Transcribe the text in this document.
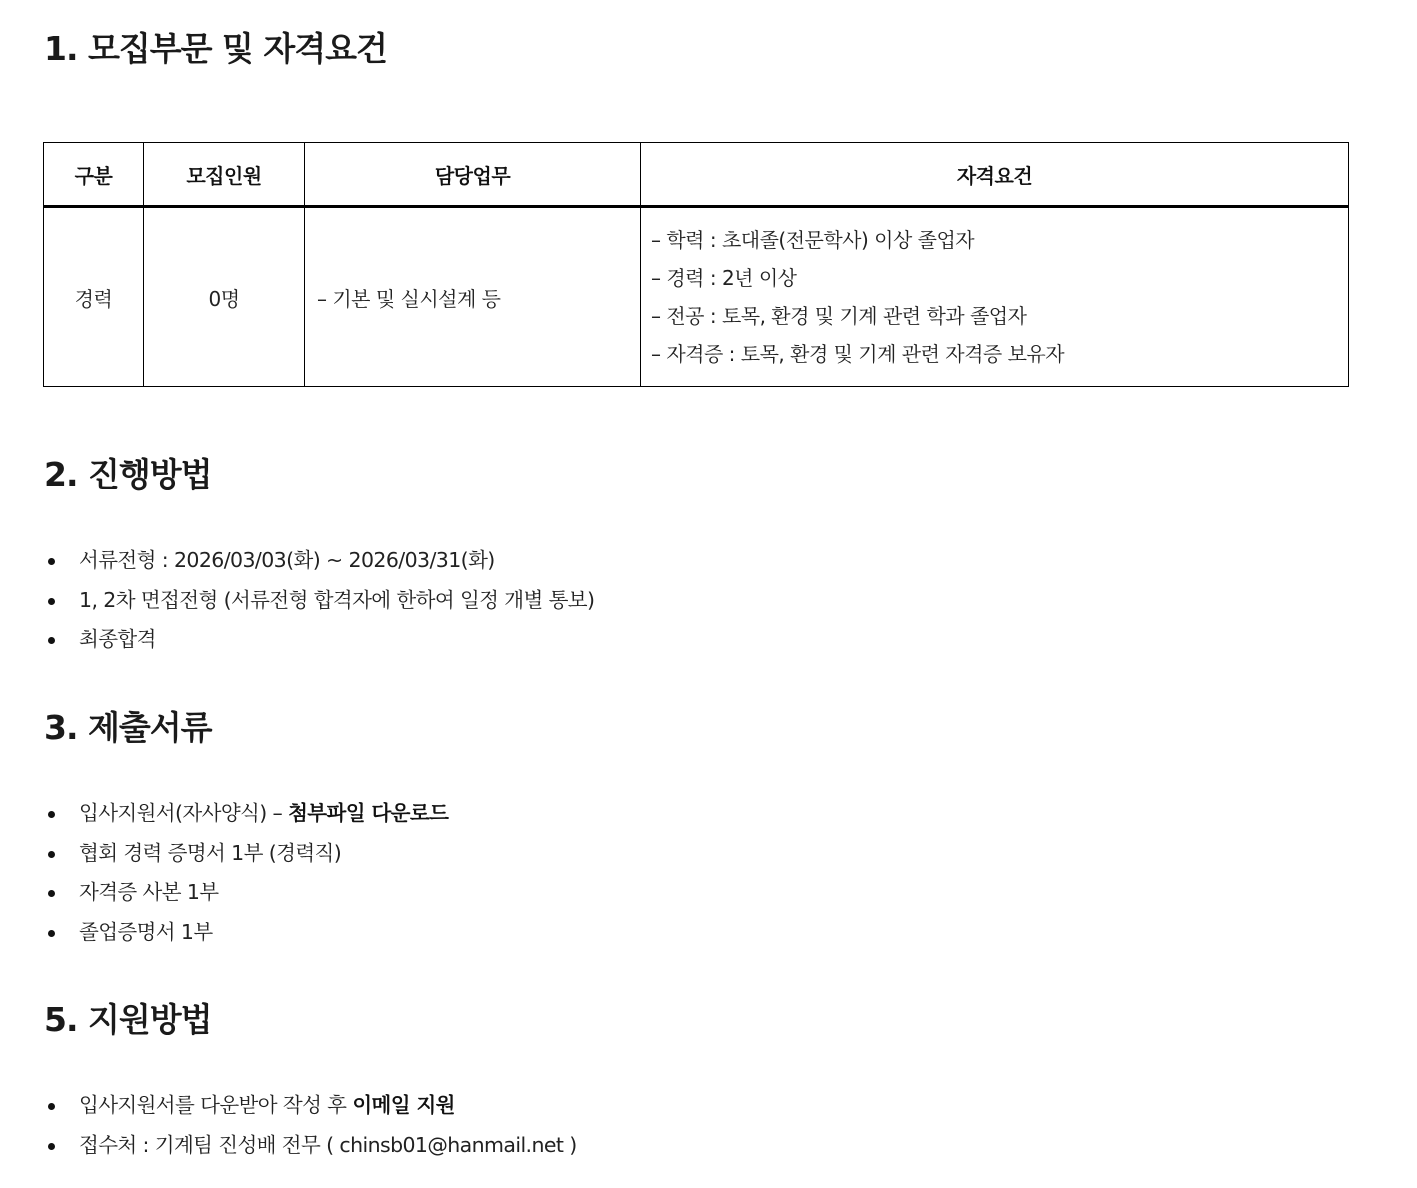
1. 모집부문 및 자격요건
구분	모집인원	담당업무	자격요건
경력	0명	– 기본 및 실시설계 등	– 학력 : 초대졸(전문학사) 이상 졸업자
– 경력 : 2년 이상
– 전공 : 토목, 환경 및 기계 관련 학과 졸업자
– 자격증 : 토목, 환경 및 기계 관련 자격증 보유자
2. 진행방법
서류전형 : 2026/03/03(화) ~ 2026/03/31(화)
1, 2차 면접전형 (서류전형 합격자에 한하여 일정 개별 통보)
최종합격
3. 제출서류
입사지원서(자사양식) – 첨부파일 다운로드
협회 경력 증명서 1부 (경력직)
자격증 사본 1부
졸업증명서 1부
5. 지원방법
입사지원서를 다운받아 작성 후 이메일 지원
접수처 : 기계팀 진성배 전무 ( chinsb01@hanmail.net )
